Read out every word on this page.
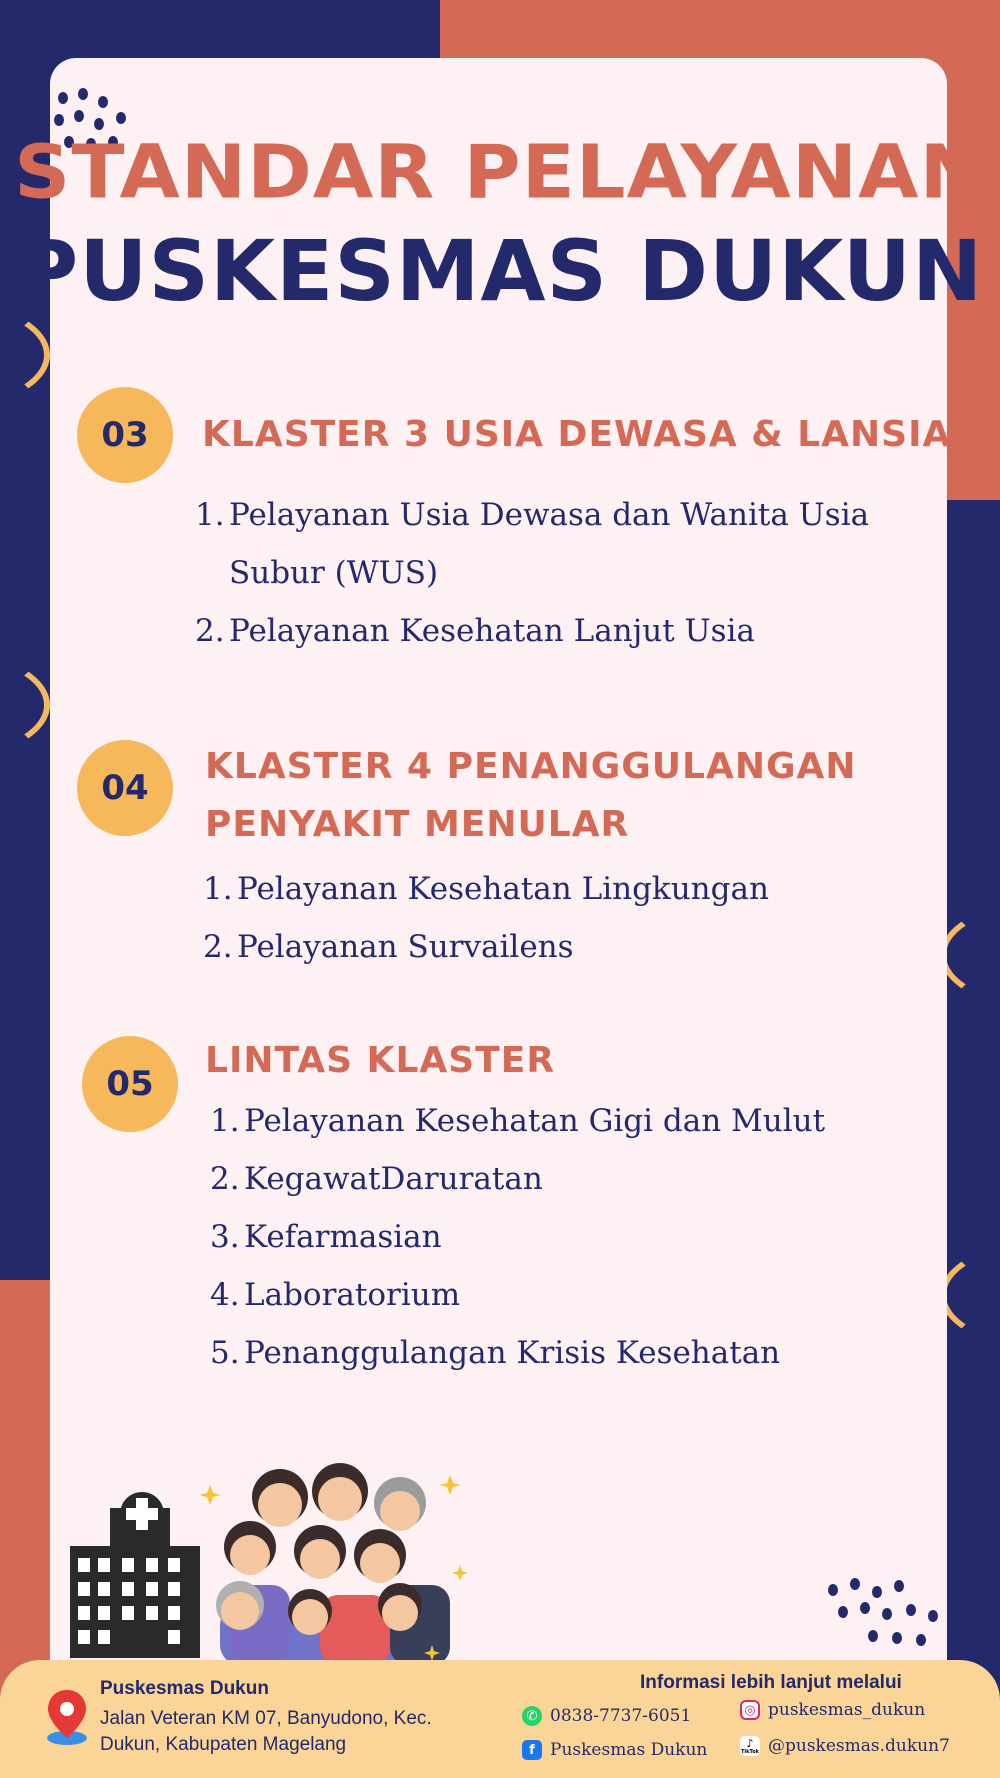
STANDAR PELAYANAN
PUSKESMAS DUKUN
03	KLASTER 3 USIA DEWASA & LANSIA
1. Pelayanan Usia Dewasa dan Wanita Usia Subur (WUS)
2. Pelayanan Kesehatan Lanjut Usia
04
KLASTER 4 PENANGGULANGAN
PENYAKIT MENULAR
1. Pelayanan Kesehatan Lingkungan
2. Pelayanan Survailens
05
LINTAS KLASTER
1. Pelayanan Kesehatan Gigi dan Mulut
2. KegawatDaruratan
3. Kefarmasian
4. Laboratorium
5. Penanggulangan Krisis Kesehatan
Puskesmas Dukun
Jalan Veteran KM 07, Banyudono, Kec. Dukun, Kabupaten Magelang
Informasi lebih lanjut melalui
✆ 0838-7737-6051
f Puskesmas Dukun
◎ puskesmas_dukun
♪
TikTok @puskesmas.dukun7
